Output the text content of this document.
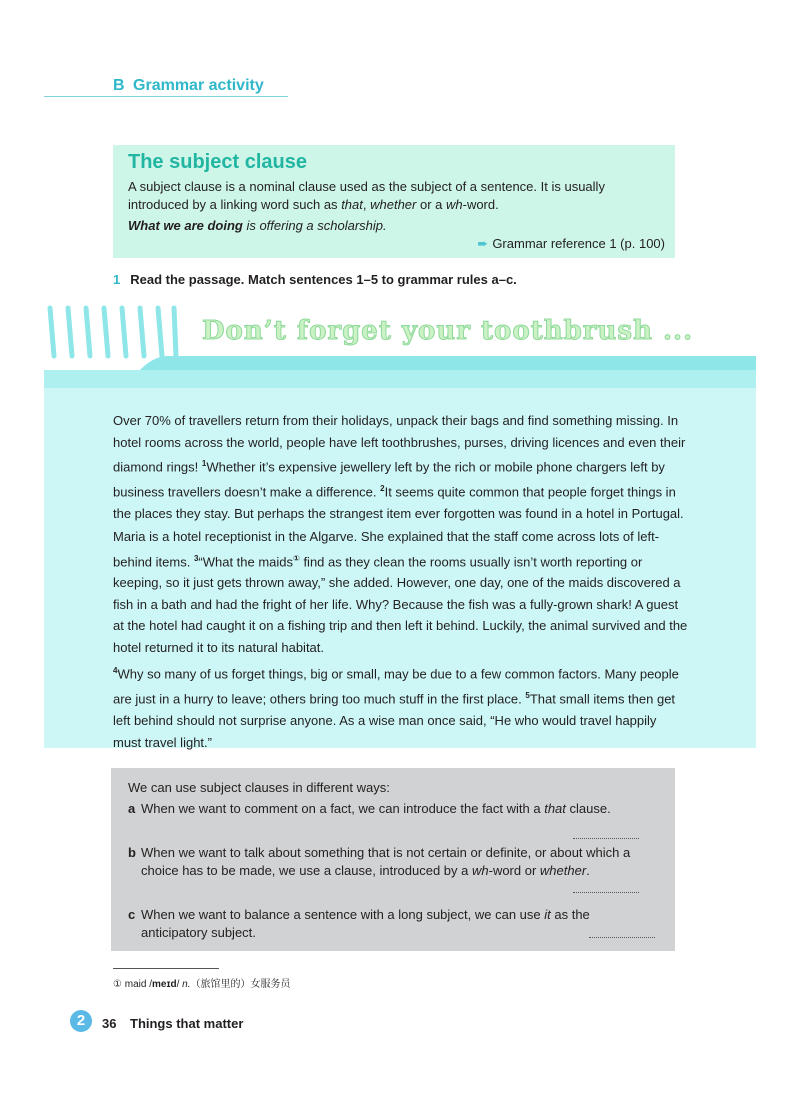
B Grammar activity
The subject clause

A subject clause is a nominal clause used as the subject of a sentence. It is usually introduced by a linking word such as that, whether or a wh-word.

What we are doing is offering a scholarship.
➨ Grammar reference 1 (p. 100)
1 Read the passage. Match sentences 1–5 to grammar rules a–c.
Don’t forget your toothbrush ...

Over 70% of travellers return from their holidays, unpack their bags and find something missing. In hotel rooms across the world, people have left toothbrushes, purses, driving licences and even their diamond rings! $^1$Whether it’s expensive jewellery left by the rich or mobile phone chargers left by business travellers doesn’t make a difference. $^2$It seems quite common that people forget things in the places they stay. But perhaps the strangest item ever forgotten was found in a hotel in Portugal.

Maria is a hotel receptionist in the Algarve. She explained that the staff come across lots of left-behind items. $^3$“What the maids① find as they clean the rooms usually isn’t worth reporting or keeping, so it just gets thrown away,” she added. However, one day, one of the maids discovered a fish in a bath and had the fright of her life. Why? Because the fish was a fully-grown shark! A guest at the hotel had caught it on a fishing trip and then left it behind. Luckily, the animal survived and the hotel returned it to its natural habitat.

$^4$Why so many of us forget things, big or small, may be due to a few common factors. Many people are just in a hurry to leave; others bring too much stuff in the first place. $^5$That small items then get left behind should not surprise anyone. As a wise man once said, “He who would travel happily must travel light.”

We can use subject clauses in different ways:

a When we want to comment on a fact, we can introduce the fact with a that clause.
b When we want to talk about something that is not certain or definite, or about which a choice has to be made, we use a clause, introduced by a wh-word or whether.
c When we want to balance a sentence with a long subject, we can use it as the anticipatory subject.
① maid /meɪd/ n.（旅馆里的）女服务员
2	36 Things that matter
